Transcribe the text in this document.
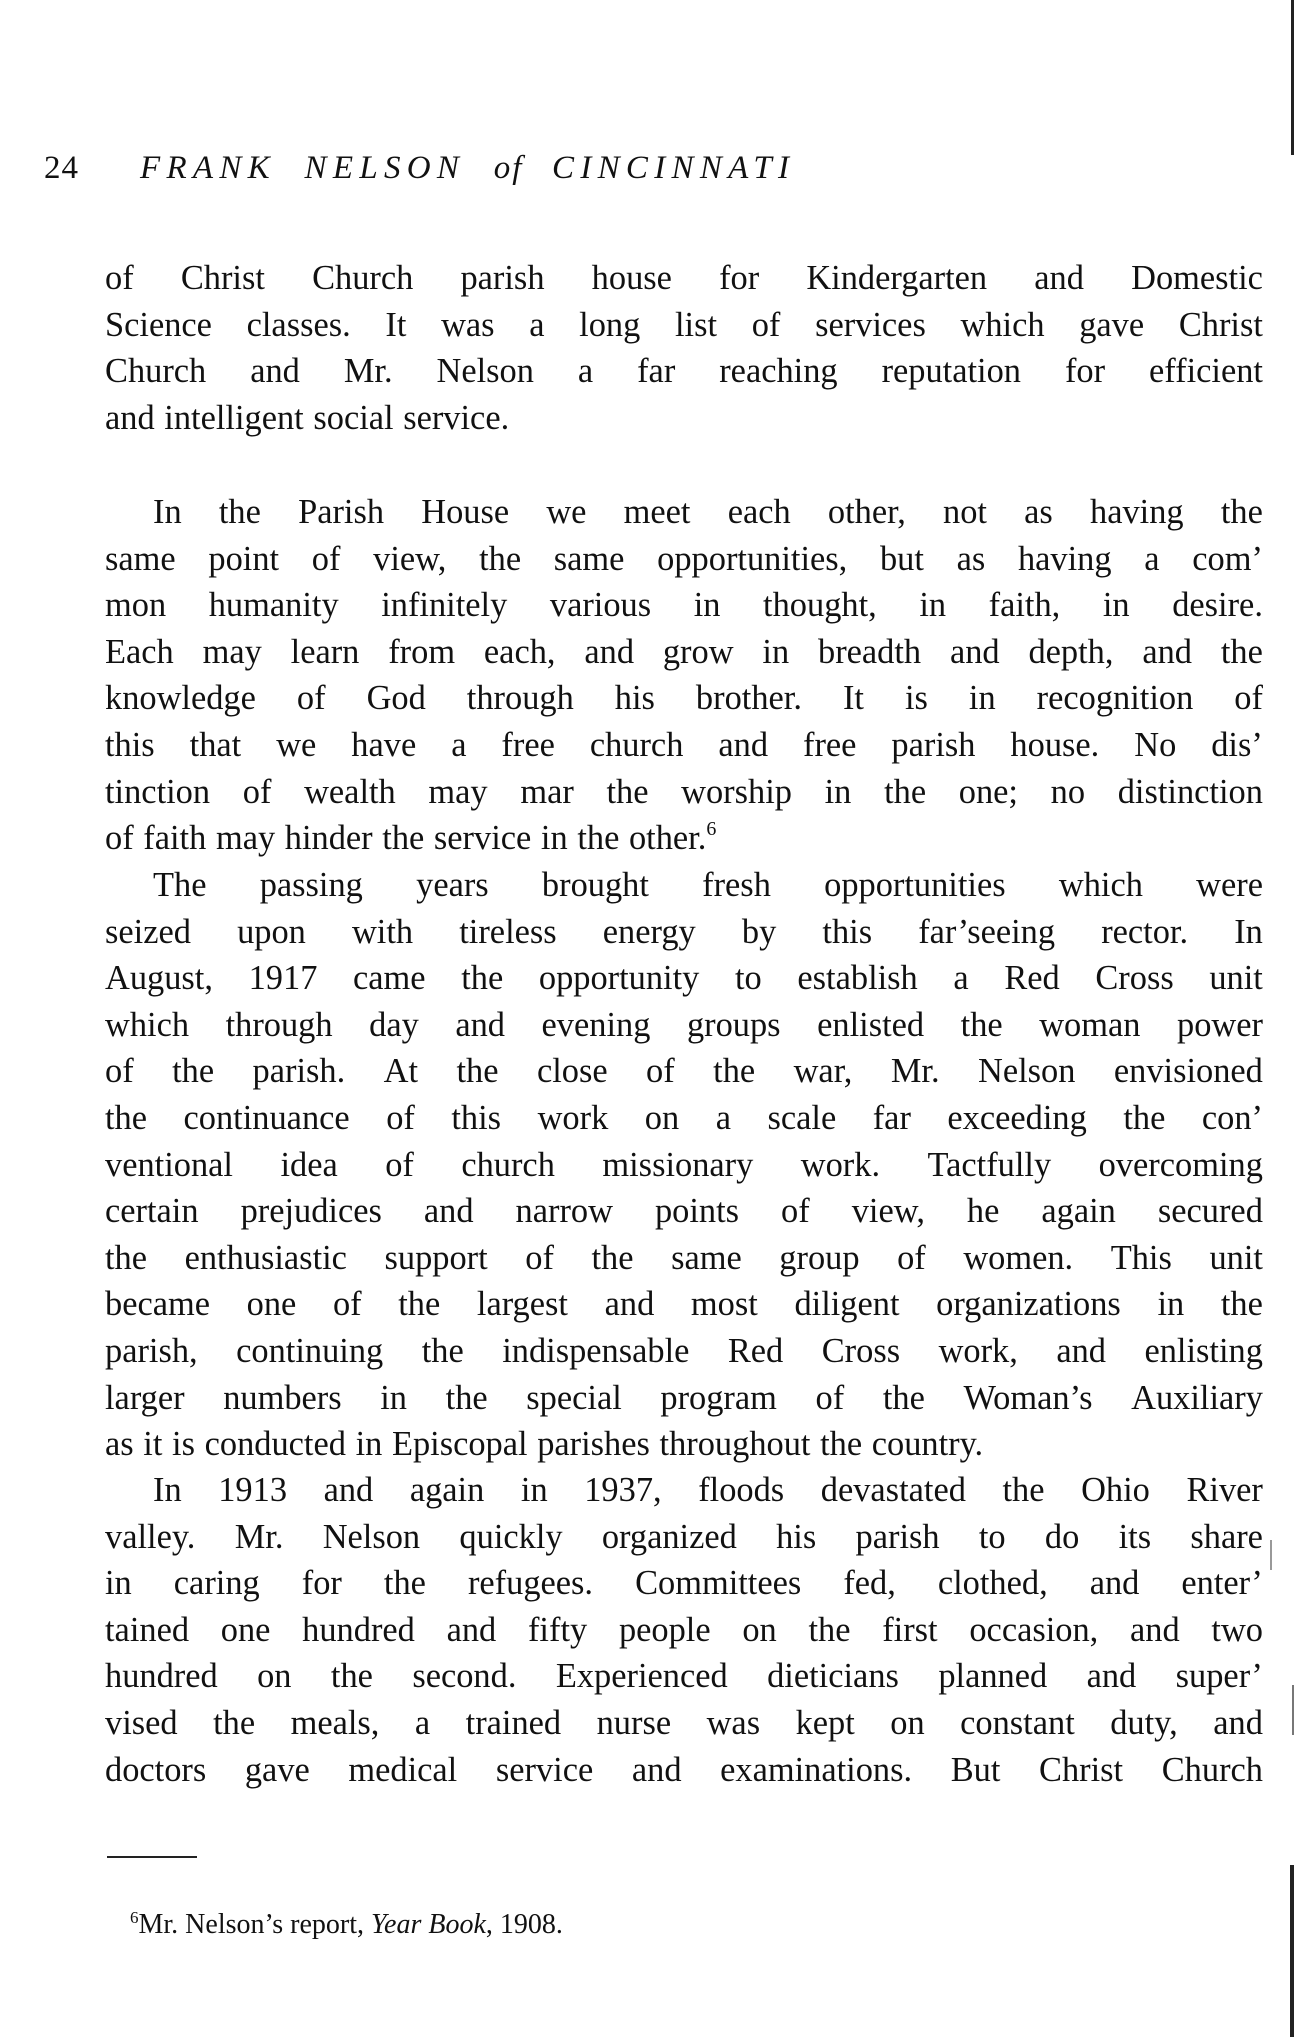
24 FRANK NELSON of CINCINNATI
of Christ Church parish house for Kindergarten and Domestic
Science classes. It was a long list of services which gave Christ
Church and Mr. Nelson a far reaching reputation for efficient
and intelligent social service.
In the Parish House we meet each other, not as having the
same point of view, the same opportunities, but as having a com’
mon humanity infinitely various in thought, in faith, in desire.
Each may learn from each, and grow in breadth and depth, and the
knowledge of God through his brother. It is in recognition of
this that we have a free church and free parish house. No dis’
tinction of wealth may mar the worship in the one; no distinction
of faith may hinder the service in the other.$^6$
The passing years brought fresh opportunities which were
seized upon with tireless energy by this far’seeing rector. In
August, 1917 came the opportunity to establish a Red Cross unit
which through day and evening groups enlisted the woman power
of the parish. At the close of the war, Mr. Nelson envisioned
the continuance of this work on a scale far exceeding the con’
ventional idea of church missionary work. Tactfully overcoming
certain prejudices and narrow points of view, he again secured
the enthusiastic support of the same group of women. This unit
became one of the largest and most diligent organizations in the
parish, continuing the indispensable Red Cross work, and enlisting
larger numbers in the special program of the Woman’s Auxiliary
as it is conducted in Episcopal parishes throughout the country.
In 1913 and again in 1937, floods devastated the Ohio River
valley. Mr. Nelson quickly organized his parish to do its share
in caring for the refugees. Committees fed, clothed, and enter’
tained one hundred and fifty people on the first occasion, and two
hundred on the second. Experienced dieticians planned and super’
vised the meals, a trained nurse was kept on constant duty, and
doctors gave medical service and examinations. But Christ Church
$^6$Mr. Nelson’s report, Year Book, 1908.
